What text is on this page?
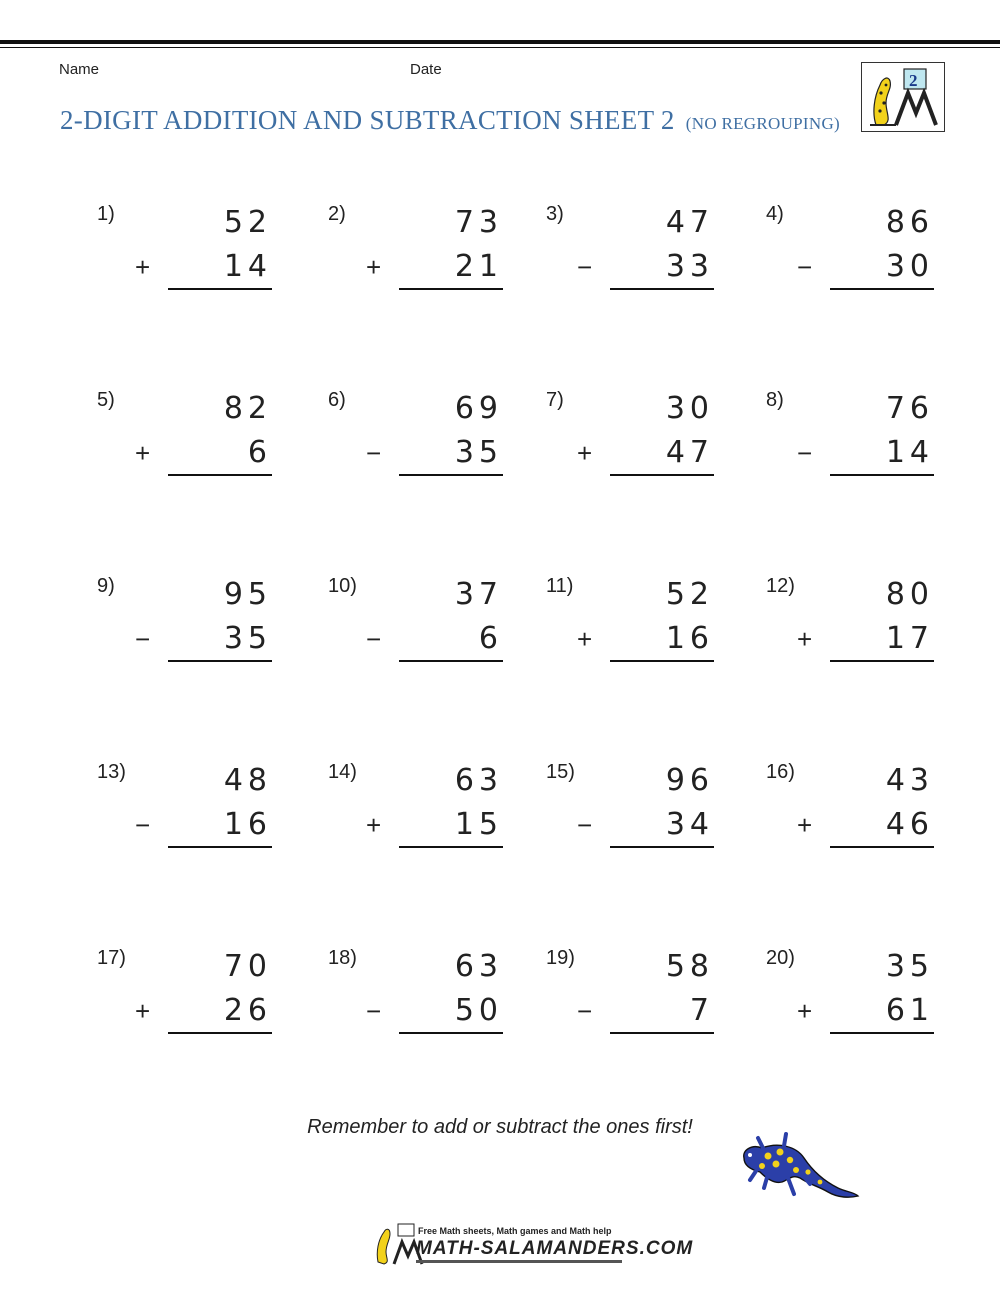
Name	Date
2-DIGIT ADDITION AND SUBTRACTION SHEET 2 (NO REGROUPING)
2
1)	52
+	14
2)	73
+	21
3)	47
−	33
4)	86
−	30
5)	82
+	6
6)	69
−	35
7)	30
+	47
8)	76
−	14
9)	95
−	35
10)	37
−	6
11)	52
+	16
12)	80
+	17
13)	48
−	16
14)	63
+	15
15)	96
−	34
16)	43
+	46
17)	70
+	26
18)	63
−	50
19)	58
−	7
20)	35
+	61
Remember to add or subtract the ones first!
Free Math sheets, Math games and Math help
MATH-SALAMANDERS.COM
